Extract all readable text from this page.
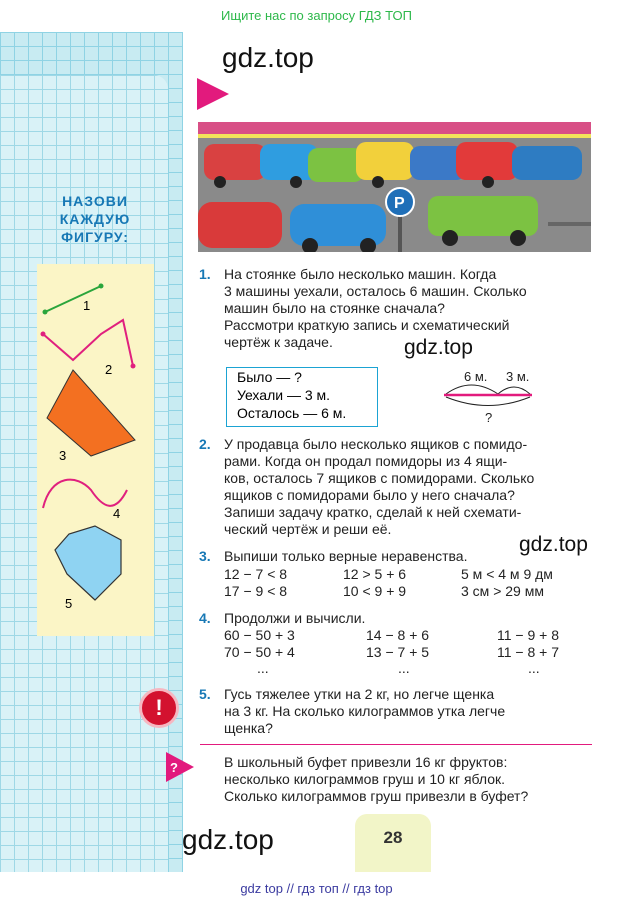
Ищите нас по запросу ГДЗ ТОП
НАЗОВИ
КАЖДУЮ
ФИГУРУ:
1
2
3
4
5
gdz.top
P
1. На стоянке было несколько машин. Когда
3 машины уехали, осталось 6 машин. Сколько
машин было на стоянке сначала?
Рассмотри краткую запись и схематический
чертёж к задаче.	gdz.top
Было — ?
Уехали — 3 м.
Осталось — 6 м.
6 м. 3 м.
?
2. У продавца было несколько ящиков с помидо-
рами. Когда он продал помидоры из 4 ящи-
ков, осталось 7 ящиков с помидорами. Сколько
ящиков с помидорами было у него сначала?
Запиши задачу кратко, сделай к ней схемати-
ческий чертёж и реши её.
3. Выпиши только верные неравенства. gdz.top
12 − 7 < 8	12 > 5 + 6	5 м < 4 м 9 дм
17 − 9 < 8	10 < 9 + 9	3 см > 29 мм
4. Продолжи и вычисли.
60 − 50 + 3	14 − 8 + 6	11 − 9 + 8
70 − 50 + 4	13 − 7 + 5	11 − 8 + 7
...	...	...
!
5. Гусь тяжелее утки на 2 кг, но легче щенка
на 3 кг. На сколько килограммов утка легче
щенка?
?	В школьный буфет привезли 16 кг фруктов:
несколько килограммов груш и 10 кг яблок.
Сколько килограммов груш привезли в буфет?
gdz.top	28
gdz top // гдз топ // гдз top
